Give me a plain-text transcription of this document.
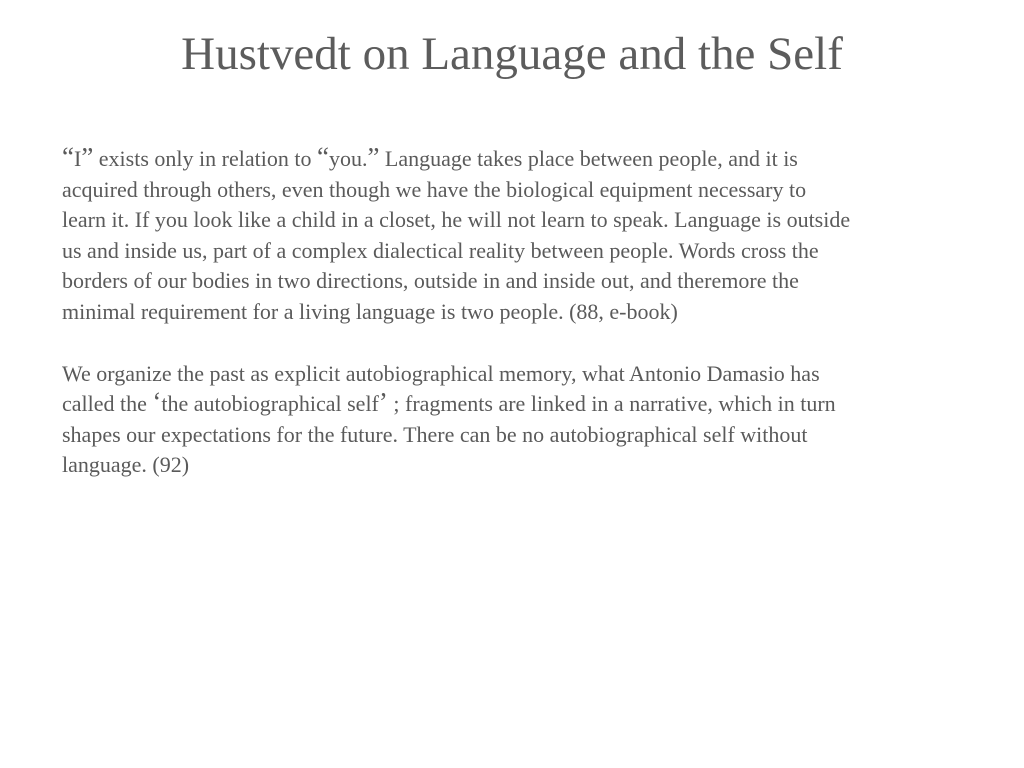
Hustvedt on Language and the Self

“I” exists only in relation to “you.” Language takes place between people, and it is
acquired through others, even though we have the biological equipment necessary to
learn it. If you look like a child in a closet, he will not learn to speak. Language is outside
us and inside us, part of a complex dialectical reality between people. Words cross the
borders of our bodies in two directions, outside in and inside out, and theremore the
minimal requirement for a living language is two people. (88, e-book)

We organize the past as explicit autobiographical memory, what Antonio Damasio has
called the ‘the autobiographical self’ ; fragments are linked in a narrative, which in turn
shapes our expectations for the future. There can be no autobiographical self without
language. (92)
